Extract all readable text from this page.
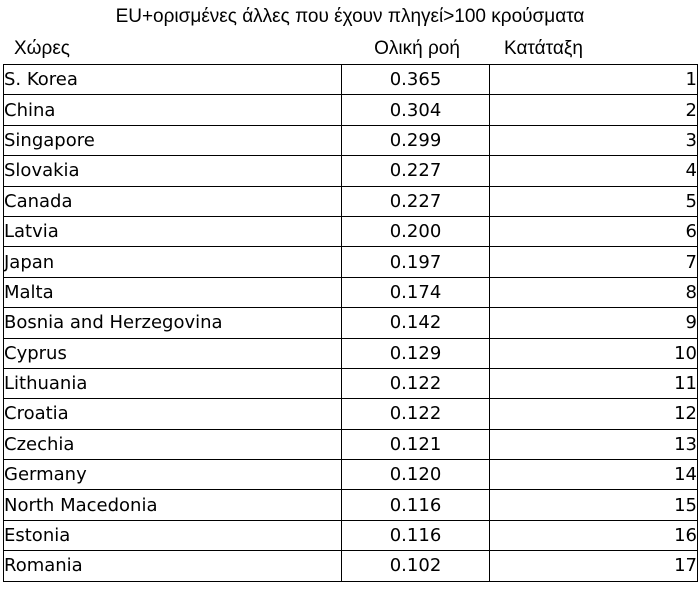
EU+ορισμένες άλλες που έχουν πληγεί>100 κρούσματα
Χώρες	Ολική ροή	Κατάταξη
S. Korea	0.365	1
China	0.304	2
Singapore	0.299	3
Slovakia	0.227	4
Canada	0.227	5
Latvia	0.200	6
Japan	0.197	7
Malta	0.174	8
Bosnia and Herzegovina	0.142	9
Cyprus	0.129	10
Lithuania	0.122	11
Croatia	0.122	12
Czechia	0.121	13
Germany	0.120	14
North Macedonia	0.116	15
Estonia	0.116	16
Romania	0.102	17
